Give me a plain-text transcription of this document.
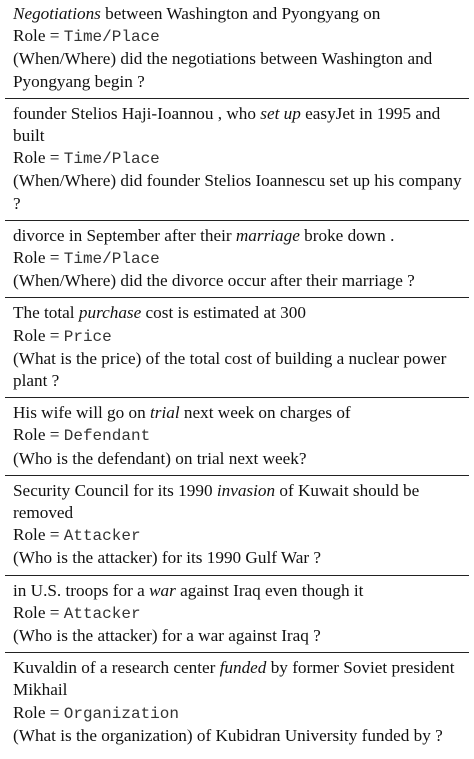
Negotiations between Washington and Pyongyang on
Role = Time/Place
(When/Where) did the negotiations between Washington and Pyongyang begin ?
founder Stelios Haji-Ioannou , who set up easyJet in 1995 and built
Role = Time/Place
(When/Where) did founder Stelios Ioannescu set up his company ?
divorce in September after their marriage broke down .
Role = Time/Place
(When/Where) did the divorce occur after their marriage ?
The total purchase cost is estimated at 300
Role = Price
(What is the price) of the total cost of building a nuclear power plant ?
His wife will go on trial next week on charges of
Role = Defendant
(Who is the defendant) on trial next week?
Security Council for its 1990 invasion of Kuwait should be removed
Role = Attacker
(Who is the attacker) for its 1990 Gulf War ?
in U.S. troops for a war against Iraq even though it
Role = Attacker
(Who is the attacker) for a war against Iraq ?
Kuvaldin of a research center funded by former Soviet president Mikhail
Role = Organization
(What is the organization) of Kubidran University funded by ?
